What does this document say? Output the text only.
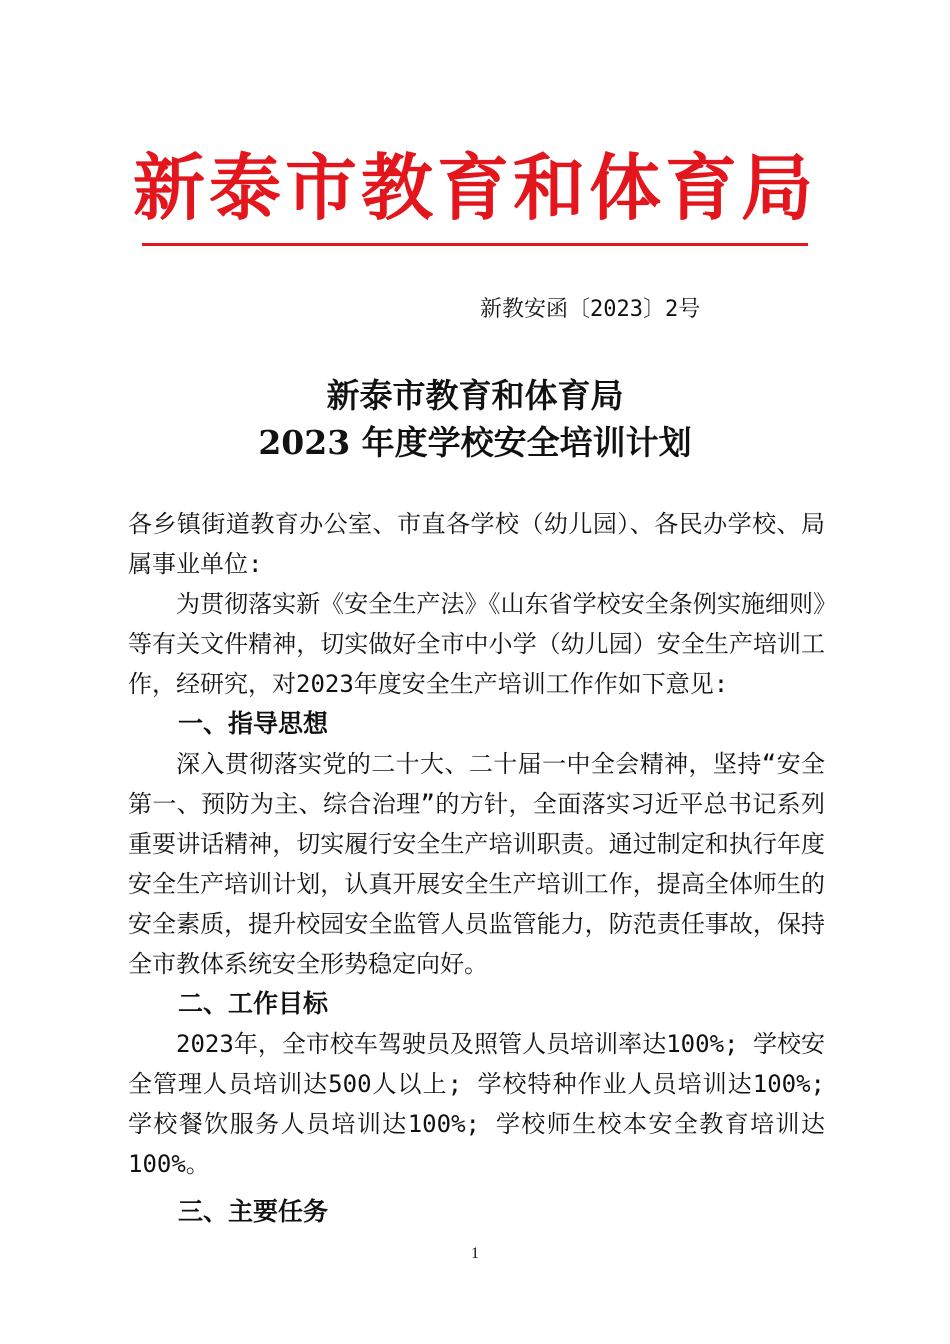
新泰市教育和体育局
新教安函〔2023〕2号
新泰市教育和体育局
2023 年度学校安全培训计划

各乡镇街道教育办公室、市直各学校（幼儿园）、各民办学校、局属事业单位:

为贯彻落实新《安全生产法》《山东省学校安全条例实施细则》等有关文件精神，切实做好全市中小学（幼儿园）安全生产培训工作，经研究，对2023年度安全生产培训工作作如下意见:

一、指导思想

深入贯彻落实党的二十大、二十届一中全会精神，坚持“安全第一、预防为主、综合治理”的方针，全面落实习近平总书记系列重要讲话精神，切实履行安全生产培训职责。通过制定和执行年度安全生产培训计划，认真开展安全生产培训工作，提高全体师生的安全素质，提升校园安全监管人员监管能力，防范责任事故，保持全市教体系统安全形势稳定向好。

二、工作目标

2023年，全市校车驾驶员及照管人员培训率达100%; 学校安全管理人员培训达500人以上; 学校特种作业人员培训达100%; 学校餐饮服务人员培训达100%; 学校师生校本安全教育培训达100%。

三、主要任务

1
